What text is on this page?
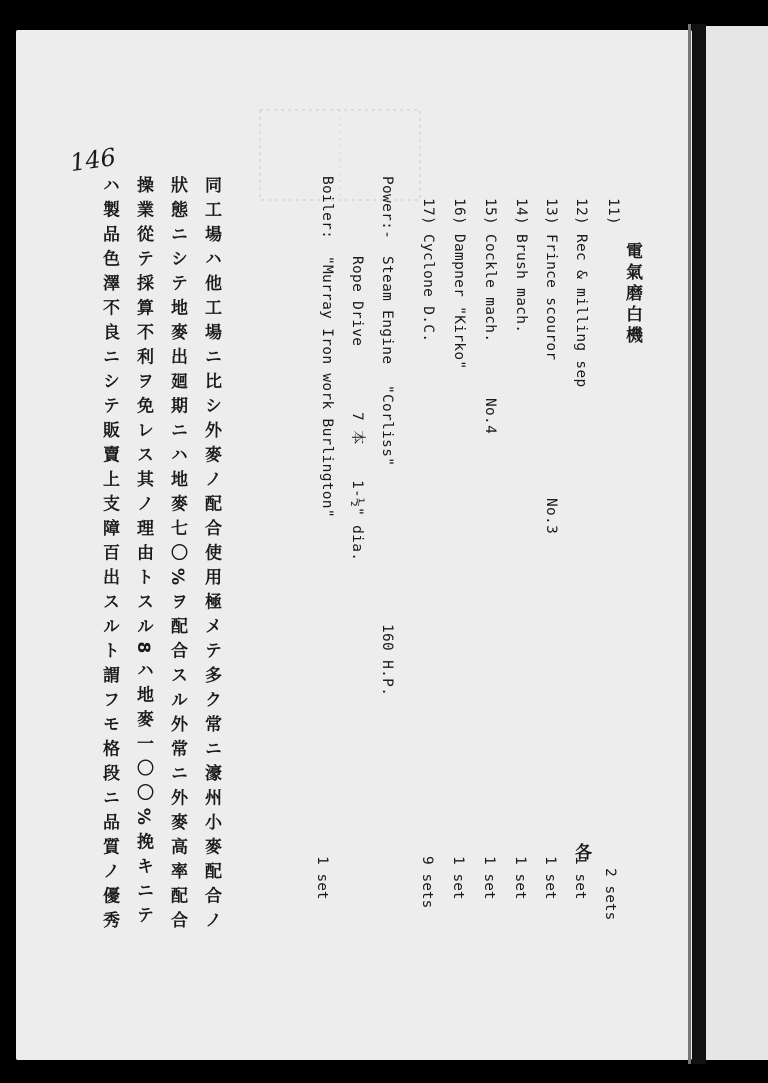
146
11)
電氣磨白機
2 sets
12)
Rec & milling sep
各
1 set
13)
Frince scouror
No.3
1 set
14)
Brush mach.
1 set
15)
Cockle mach.
No.4
1 set
16)
Dampner "Kirko"
1 set
17)
Cyclone D.C.
9 sets
Power:-
Steam Engine
"Corliss"
160 H.P.
Rope Drive
7 本
1-½" dia.
Boiler:
"Murray Iron work Burlington"
1 set
同工場ハ他工場ニ比シ外麥ノ配合使用極メテ多ク常ニ濠州小麥配合ノ
狀態ニシテ地麥出廻期ニハ地麥七〇%ヲ配合スル外常ニ外麥高率配合
操業從テ採算不利ヲ免レス其ノ理由トスル8ハ地麥一〇〇%挽キニテ
ハ製品色澤不良ニシテ販賣上支障百出スルト謂フモ格段ニ品質ノ優秀
